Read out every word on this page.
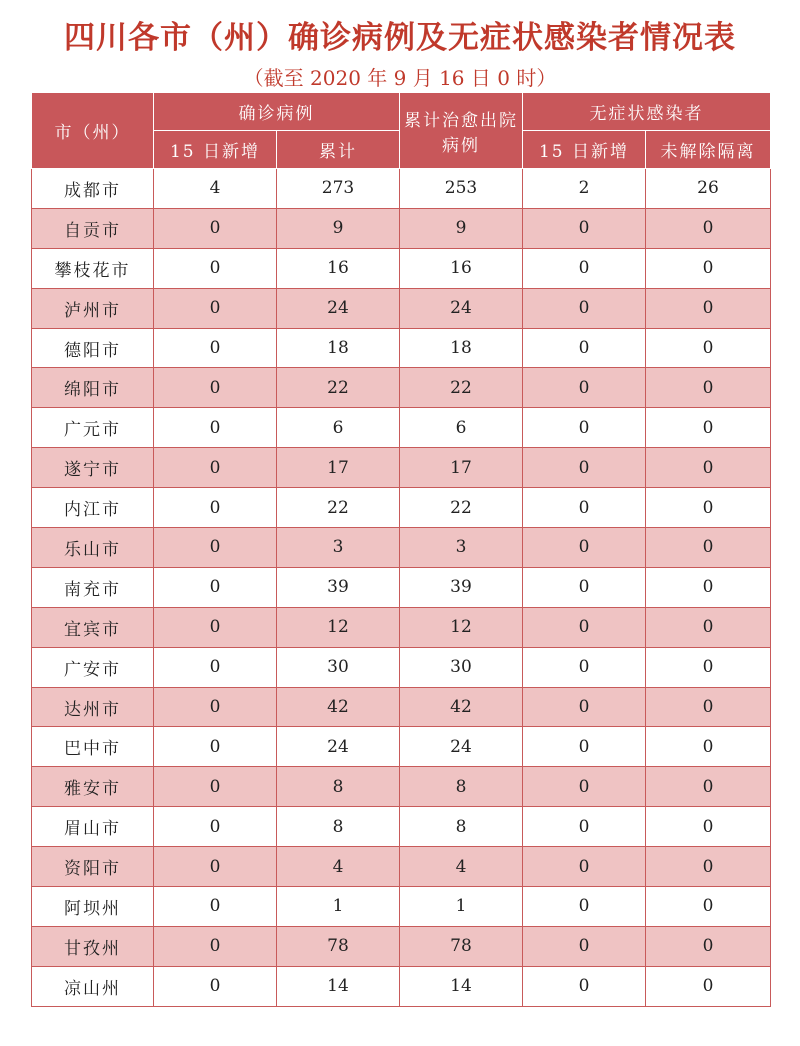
四川各市（州）确诊病例及无症状感染者情况表
（截至 2020 年 9 月 16 日 0 时）
市（州）	确诊病例		累计治愈出院病例	无症状感染者	
	15 日新增	累计		15 日新增	未解除隔离
成都市	4	273	253	2	26
自贡市	0	9	9	0	0
攀枝花市	0	16	16	0	0
泸州市	0	24	24	0	0
德阳市	0	18	18	0	0
绵阳市	0	22	22	0	0
广元市	0	6	6	0	0
遂宁市	0	17	17	0	0
内江市	0	22	22	0	0
乐山市	0	3	3	0	0
南充市	0	39	39	0	0
宜宾市	0	12	12	0	0
广安市	0	30	30	0	0
达州市	0	42	42	0	0
巴中市	0	24	24	0	0
雅安市	0	8	8	0	0
眉山市	0	8	8	0	0
资阳市	0	4	4	0	0
阿坝州	0	1	1	0	0
甘孜州	0	78	78	0	0
凉山州	0	14	14	0	0
